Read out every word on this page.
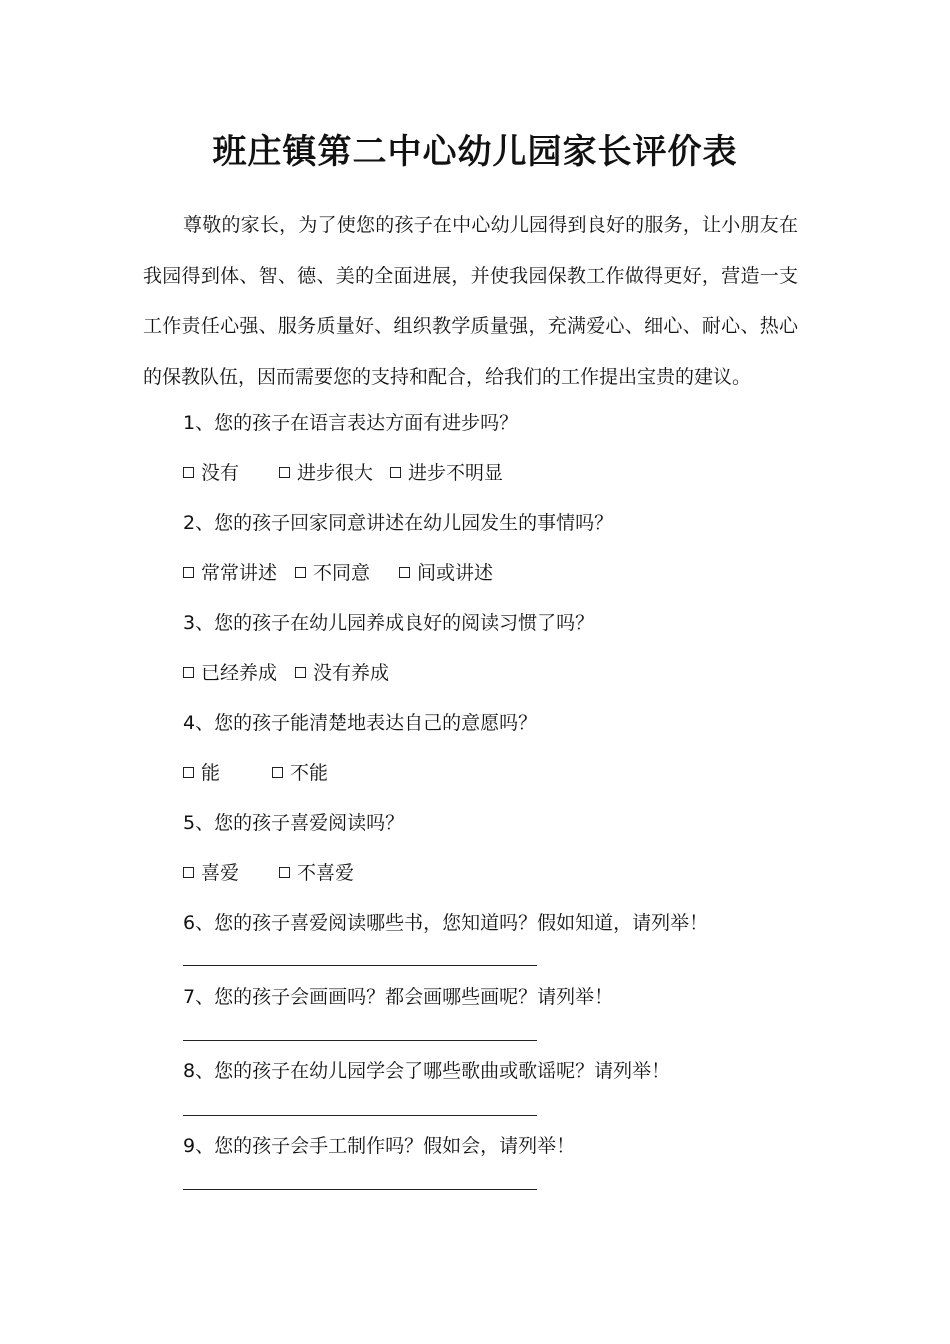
班庄镇第二中心幼儿园家长评价表

尊敬的家长，为了使您的孩子在中心幼儿园得到良好的服务，让小朋友在我园得到体、智、德、美的全面进展，并使我园保教工作做得更好，营造一支工作责任心强、服务质量好、组织教学质量强，充满爱心、细心、耐心、热心的保教队伍，因而需要您的支持和配合，给我们的工作提出宝贵的建议。

1、您的孩子在语言表达方面有进步吗？
没有	进步很大	进步不明显
2、您的孩子回家同意讲述在幼儿园发生的事情吗？
常常讲述	不同意	间或讲述
3、您的孩子在幼儿园养成良好的阅读习惯了吗？
已经养成	没有养成
4、您的孩子能清楚地表达自己的意愿吗？
能	不能
5、您的孩子喜爱阅读吗？
喜爱	不喜爱
6、您的孩子喜爱阅读哪些书，您知道吗？假如知道，请列举！
7、您的孩子会画画吗？都会画哪些画呢？请列举！
8、您的孩子在幼儿园学会了哪些歌曲或歌谣呢？请列举！
9、您的孩子会手工制作吗？假如会，请列举！
